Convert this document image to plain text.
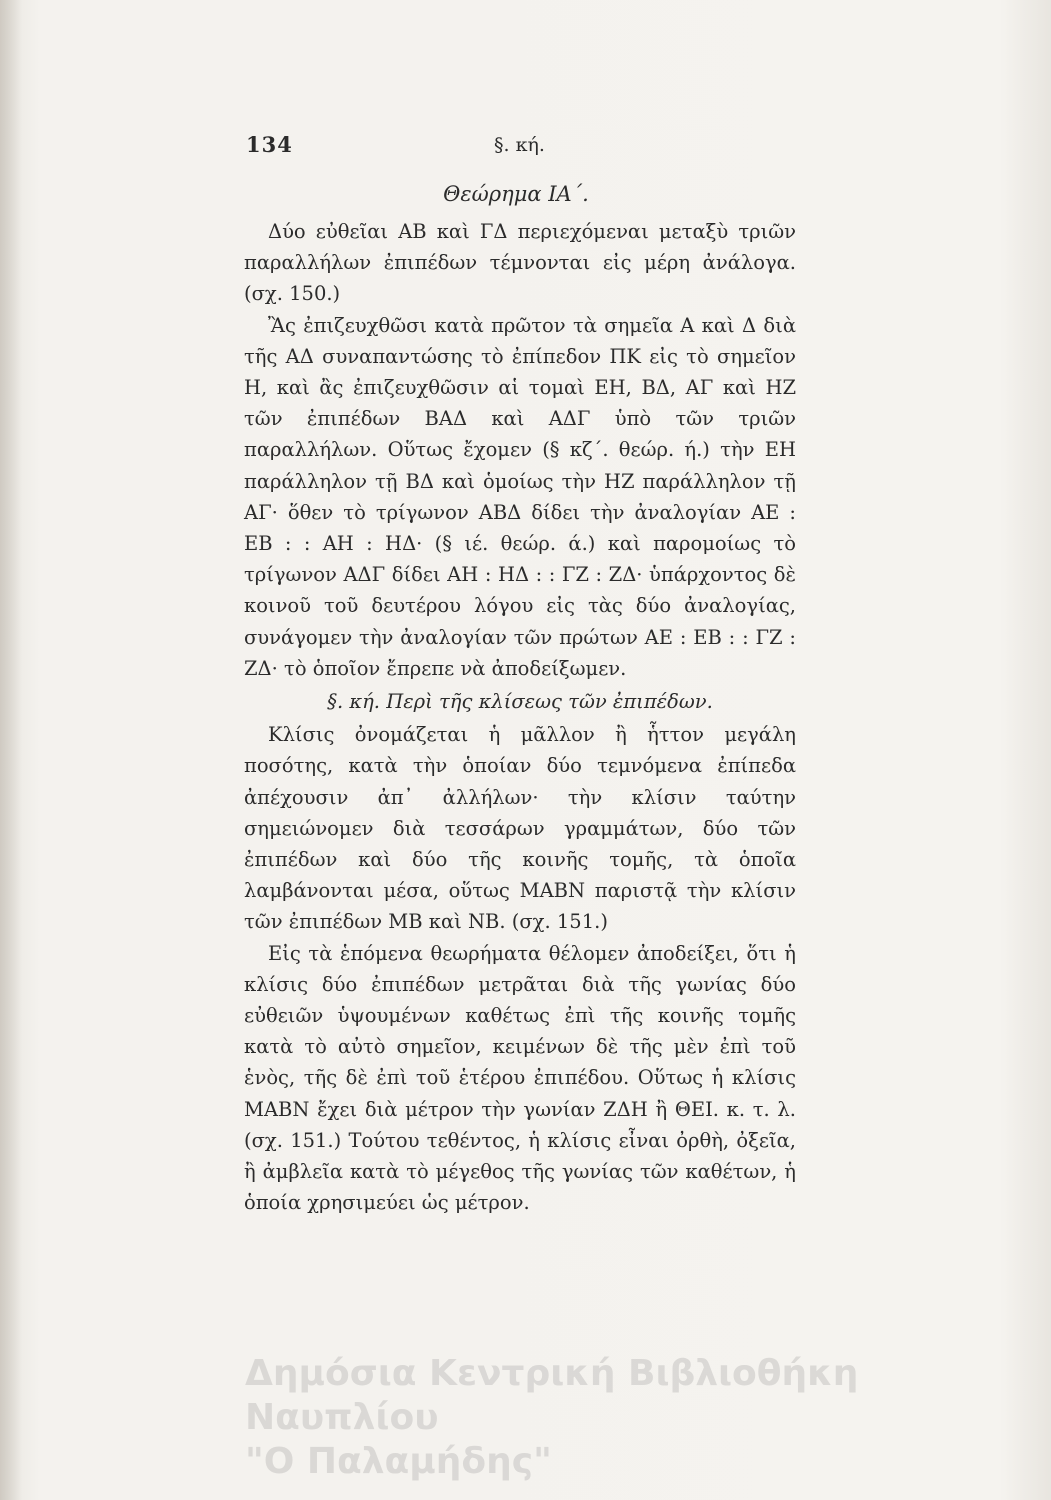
134	§. κή.
Θεώρημα ΙΑ΄.

Δύο εὐθεῖαι ΑΒ καὶ ΓΔ περιεχόμεναι μεταξὺ τριῶν παραλλήλων ἐπιπέδων τέμνονται εἰς μέρη ἀνάλογα. (σχ. 150.)

Ἂς ἐπιζευχθῶσι κατὰ πρῶτον τὰ σημεῖα Α καὶ Δ διὰ τῆς ΑΔ συναπαντώσης τὸ ἐπίπεδον ΠΚ εἰς τὸ σημεῖον Η, καὶ ἂς ἐπιζευχθῶσιν αἱ τομαὶ ΕΗ, ΒΔ, ΑΓ καὶ ΗΖ τῶν ἐπιπέδων ΒΑΔ καὶ ΑΔΓ ὑπὸ τῶν τριῶν παραλλήλων. Οὕτως ἔχομεν (§ κζ΄. θεώρ. ή.) τὴν ΕΗ παράλληλον τῇ ΒΔ καὶ ὁμοίως τὴν ΗΖ παράλληλον τῇ ΑΓ· ὅθεν τὸ τρίγωνον ΑΒΔ δίδει τὴν ἀναλογίαν ΑΕ : ΕΒ : : ΑΗ : ΗΔ· (§ ιέ. θεώρ. ά.) καὶ παρομοίως τὸ τρίγωνον ΑΔΓ δίδει ΑΗ : ΗΔ : : ΓΖ : ΖΔ· ὑπάρχοντος δὲ κοινοῦ τοῦ δευτέρου λόγου εἰς τὰς δύο ἀναλογίας, συνάγομεν τὴν ἀναλογίαν τῶν πρώτων ΑΕ : ΕΒ : : ΓΖ : ΖΔ· τὸ ὁποῖον ἔπρεπε νὰ ἀποδείξωμεν.

§. κή. Περὶ τῆς κλίσεως τῶν ἐπιπέδων.

Κλίσις ὀνομάζεται ἡ μᾶλλον ἢ ἧττον μεγάλη ποσότης, κατὰ τὴν ὁποίαν δύο τεμνόμενα ἐπίπεδα ἀπέχουσιν ἀπ᾽ ἀλλήλων· τὴν κλίσιν ταύτην σημειώνομεν διὰ τεσσάρων γραμμάτων, δύο τῶν ἐπιπέδων καὶ δύο τῆς κοινῆς τομῆς, τὰ ὁποῖα λαμβάνονται μέσα, οὕτως ΜΑΒΝ παριστᾷ τὴν κλίσιν τῶν ἐπιπέδων ΜΒ καὶ ΝΒ. (σχ. 151.)

Εἰς τὰ ἑπόμενα θεωρήματα θέλομεν ἀποδείξει, ὅτι ἡ κλίσις δύο ἐπιπέδων μετρᾶται διὰ τῆς γωνίας δύο εὐθειῶν ὑψουμένων καθέτως ἐπὶ τῆς κοινῆς τομῆς κατὰ τὸ αὐτὸ σημεῖον, κειμένων δὲ τῆς μὲν ἐπὶ τοῦ ἑνὸς, τῆς δὲ ἐπὶ τοῦ ἑτέρου ἐπιπέδου. Οὕτως ἡ κλίσις ΜΑΒΝ ἔχει διὰ μέτρον τὴν γωνίαν ΖΔΗ ἢ ΘΕΙ. κ. τ. λ. (σχ. 151.) Τούτου τεθέντος, ἡ κλίσις εἶναι ὀρθὴ, ὀξεῖα, ἢ ἀμβλεῖα κατὰ τὸ μέγεθος τῆς γωνίας τῶν καθέτων, ἡ ὁποία χρησιμεύει ὡς μέτρον.

Δημόσια Κεντρική Βιβλιοθήκη Ναυπλίου
"Ο Παλαμήδης"
